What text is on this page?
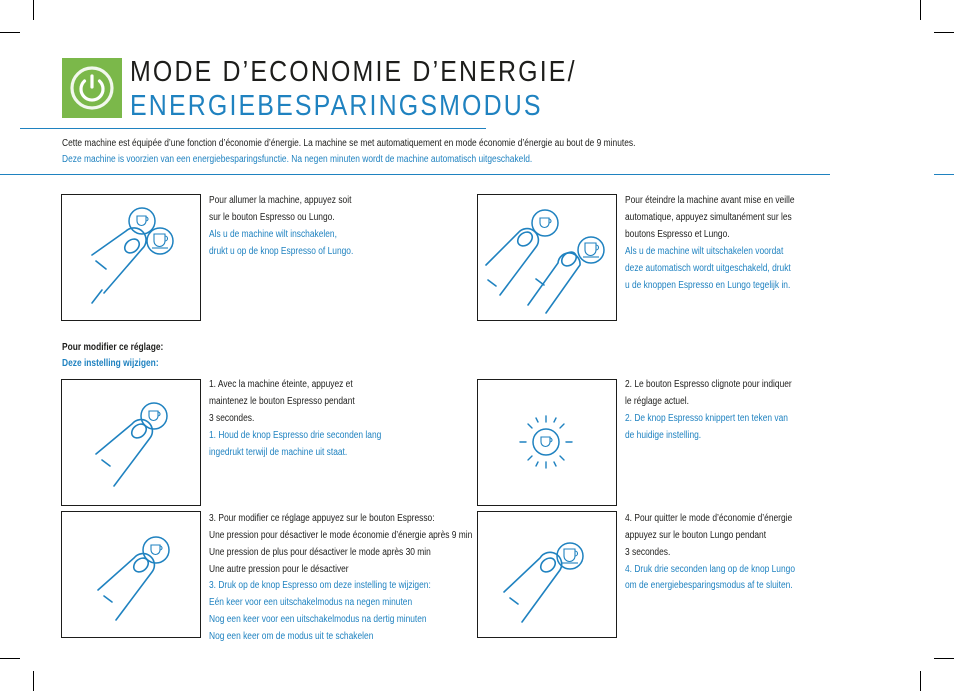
MODE D’ECONOMIE D’ENERGIE/
ENERGIEBESPARINGSMODUS
Cette machine est équipée d’une fonction d’économie d’énergie. La machine se met automatiquement en mode économie d’énergie au bout de 9 minutes.
Deze machine is voorzien van een energiebesparingsfunctie. Na negen minuten wordt de machine automatisch uitgeschakeld.
Pour allumer la machine, appuyez soit
sur le bouton Espresso ou Lungo.
Als u de machine wilt inschakelen,
drukt u op de knop Espresso of Lungo.
Pour éteindre la machine avant mise en veille
automatique, appuyez simultanément sur les
boutons Espresso et Lungo.
Als u de machine wilt uitschakelen voordat
deze automatisch wordt uitgeschakeld, drukt
u de knoppen Espresso en Lungo tegelijk in.
Pour modifier ce réglage:
Deze instelling wijzigen:
1. Avec la machine éteinte, appuyez et
maintenez le bouton Espresso pendant
3 secondes.
1. Houd de knop Espresso drie seconden lang
ingedrukt terwijl de machine uit staat.
2. Le bouton Espresso clignote pour indiquer
le réglage actuel.
2. De knop Espresso knippert ten teken van
de huidige instelling.
3. Pour modifier ce réglage appuyez sur le bouton Espresso:
Une pression pour désactiver le mode économie d’énergie après 9 min
Une pression de plus pour désactiver le mode après 30 min
Une autre pression pour le désactiver
3. Druk op de knop Espresso om deze instelling te wijzigen:
Eén keer voor een uitschakelmodus na negen minuten
Nog een keer voor een uitschakelmodus na dertig minuten
Nog een keer om de modus uit te schakelen
4. Pour quitter le mode d’économie d’énergie
appuyez sur le bouton Lungo pendant
3 secondes.
4. Druk drie seconden lang op de knop Lungo
om de energiebesparingsmodus af te sluiten.
